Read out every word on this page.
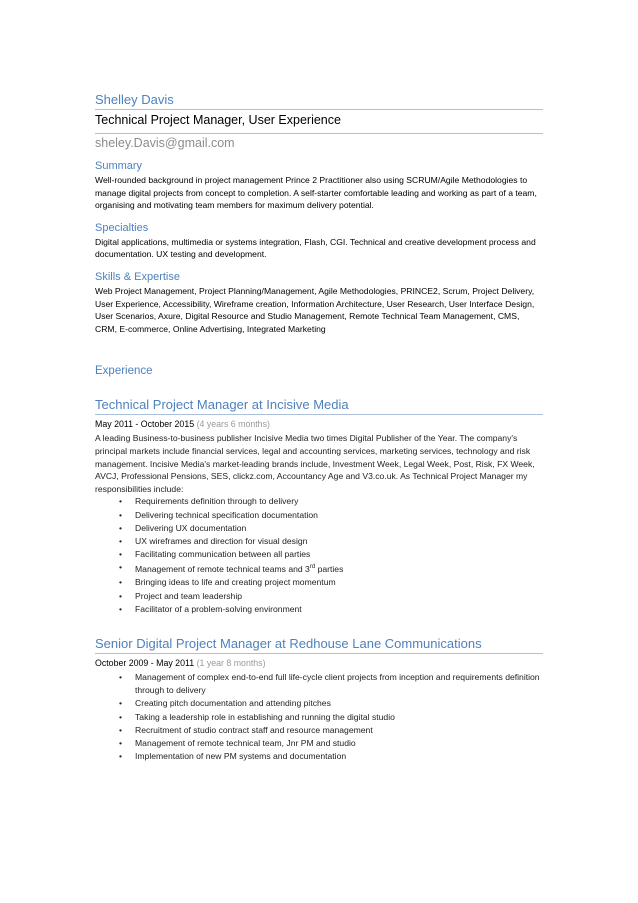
Shelley Davis
Technical Project Manager, User Experience
sheley.Davis@gmail.com
Summary

Well-rounded background in project management Prince 2 Practitioner also using SCRUM/Agile Methodologies to manage digital projects from concept to completion. A self-starter comfortable leading and working as part of a team, organising and motivating team members for maximum delivery potential.

Specialties

Digital applications, multimedia or systems integration, Flash, CGI. Technical and creative development process and documentation. UX testing and development.

Skills & Expertise

Web Project Management, Project Planning/Management, Agile Methodologies, PRINCE2, Scrum, Project Delivery, User Experience, Accessibility, Wireframe creation, Information Architecture, User Research, User Interface Design, User Scenarios, Axure, Digital Resource and Studio Management, Remote Technical Team Management, CMS, CRM, E-commerce, Online Advertising, Integrated Marketing

Experience
Technical Project Manager at Incisive Media
May 2011 - October 2015 (4 years 6 months)

A leading Business-to-business publisher Incisive Media two times Digital Publisher of the Year. The company's principal markets include financial services, legal and accounting services, marketing services, technology and risk management. Incisive Media's market-leading brands include, Investment Week, Legal Week, Post, Risk, FX Week, AVCJ, Professional Pensions, SES, clickz.com, Accountancy Age and V3.co.uk. As Technical Project Manager my responsibilities include:

• Requirements definition through to delivery
• Delivering technical specification documentation
• Delivering UX documentation
• UX wireframes and direction for visual design
• Facilitating communication between all parties
• Management of remote technical teams and 3rd parties
• Bringing ideas to life and creating project momentum
• Project and team leadership
• Facilitator of a problem-solving environment
Senior Digital Project Manager at Redhouse Lane Communications
October 2009 - May 2011 (1 year 8 months)
• Management of complex end-to-end full life-cycle client projects from inception and requirements definition through to delivery
• Creating pitch documentation and attending pitches
• Taking a leadership role in establishing and running the digital studio
• Recruitment of studio contract staff and resource management
• Management of remote technical team, Jnr PM and studio
• Implementation of new PM systems and documentation
